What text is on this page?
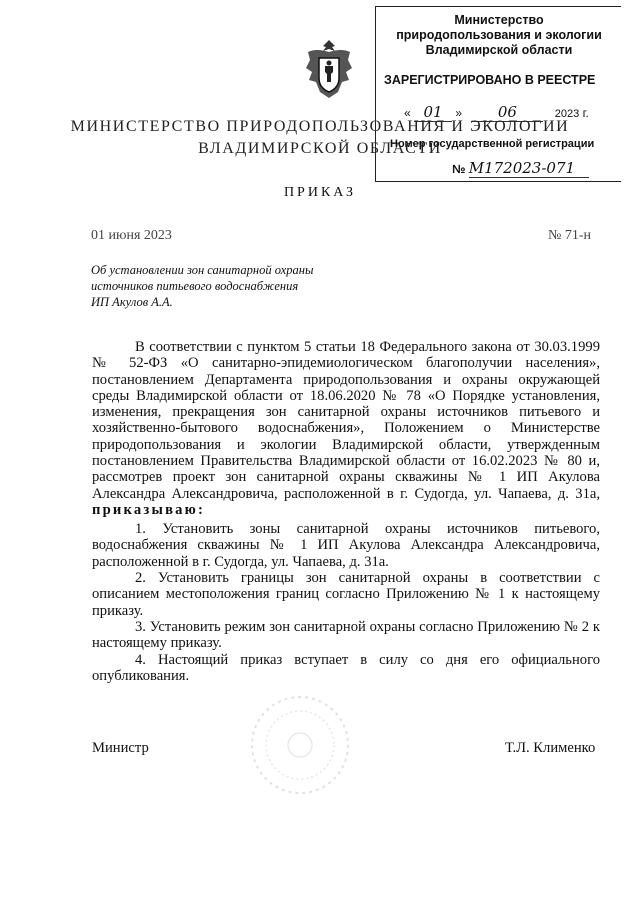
Министерство
природопользования и экологии
Владимирской области
ЗАРЕГИСТРИРОВАНО В РЕЕСТРЕ
« 01 » 06	2023 г.
Номер государственной регистрации
№ М172023-071
МИНИСТЕРСТВО ПРИРОДОПОЛЬЗОВАНИЯ И ЭКОЛОГИИ
ВЛАДИМИРСКОЙ ОБЛАСТИ
ПРИКАЗ
01 июня 2023	№ 71-н
Об установлении зон санитарной охраны
источников питьевого водоснабжения
ИП Акулов А.А.
В соответствии с пунктом 5 статьи 18 Федерального закона от 30.03.1999 № 52-ФЗ «О санитарно-эпидемиологическом благополучии населения», постановлением Департамента природопользования и охраны окружающей среды Владимирской области от 18.06.2020 № 78 «О Порядке установления, изменения, прекращения зон санитарной охраны источников питьевого и хозяйственно-бытового водоснабжения», Положением о Министерстве природопользования и экологии Владимирской области, утвержденным постановлением Правительства Владимирской области от 16.02.2023 № 80 и, рассмотрев проект зон санитарной охраны скважины № 1 ИП Акулова Александра Александровича, расположенной в г. Судогда, ул. Чапаева, д. 31а, приказываю:
1. Установить зоны санитарной охраны источников питьевого, водоснабжения скважины № 1 ИП Акулова Александра Александровича, расположенной в г. Судогда, ул. Чапаева, д. 31а.
2. Установить границы зон санитарной охраны в соответствии с описанием местоположения границ согласно Приложению № 1 к настоящему приказу.
3. Установить режим зон санитарной охраны согласно Приложению № 2 к настоящему приказу.
4. Настоящий приказ вступает в силу со дня его официального опубликования.
Министр	Т.Л. Клименко
